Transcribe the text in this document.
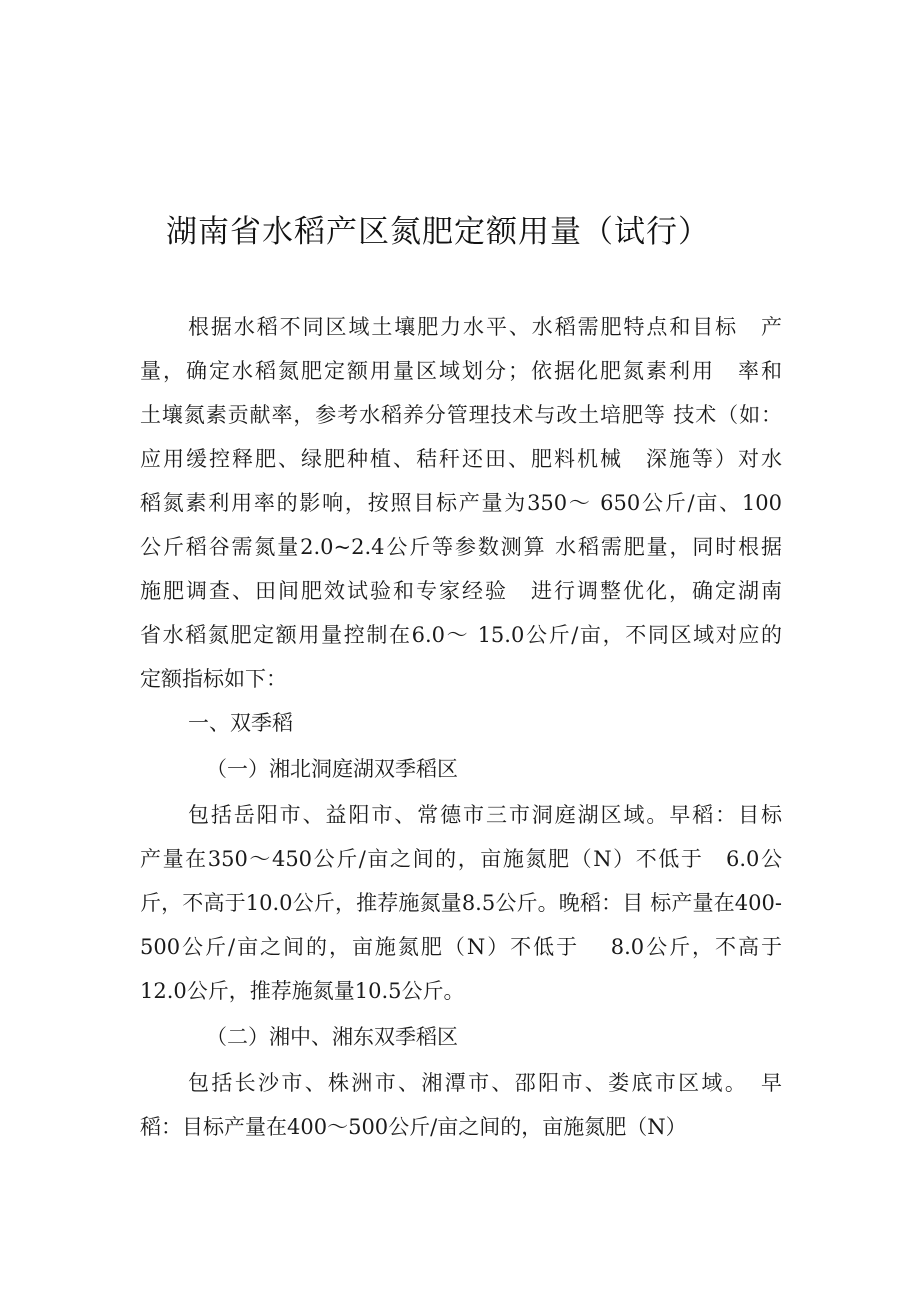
湖南省水稻产区氮肥定额用量（试行）

根据水稻不同区域土壤肥力水平、水稻需肥特点和目标　产

量，确定水稻氮肥定额用量区域划分；依据化肥氮素利用　率和

土壤氮素贡献率，参考水稻养分管理技术与改土培肥等 技术（如：

应用缓控释肥、绿肥种植、秸秆还田、肥料机械　深施等）对水

稻氮素利用率的影响，按照目标产量为350～ 650公斤/亩、100

公斤稻谷需氮量2.0~2.4公斤等参数测算 水稻需肥量，同时根据

施肥调查、田间肥效试验和专家经验　进行调整优化，确定湖南

省水稻氮肥定额用量控制在6.0～ 15.0公斤/亩，不同区域对应的

定额指标如下：

一、双季稻

（一）湘北洞庭湖双季稻区

包括岳阳市、益阳市、常德市三市洞庭湖区域。早稻：目标

产量在350～450公斤/亩之间的，亩施氮肥（N）不低于　6.0公

斤，不高于10.0公斤，推荐施氮量8.5公斤。晚稻：目 标产量在400-

500公斤/亩之间的，亩施氮肥（N）不低于　 8.0公斤，不高于

12.0公斤，推荐施氮量10.5公斤。

（二）湘中、湘东双季稻区

包括长沙市、株洲市、湘潭市、邵阳市、娄底市区域。　早

稻：目标产量在400～500公斤/亩之间的，亩施氮肥（N）
